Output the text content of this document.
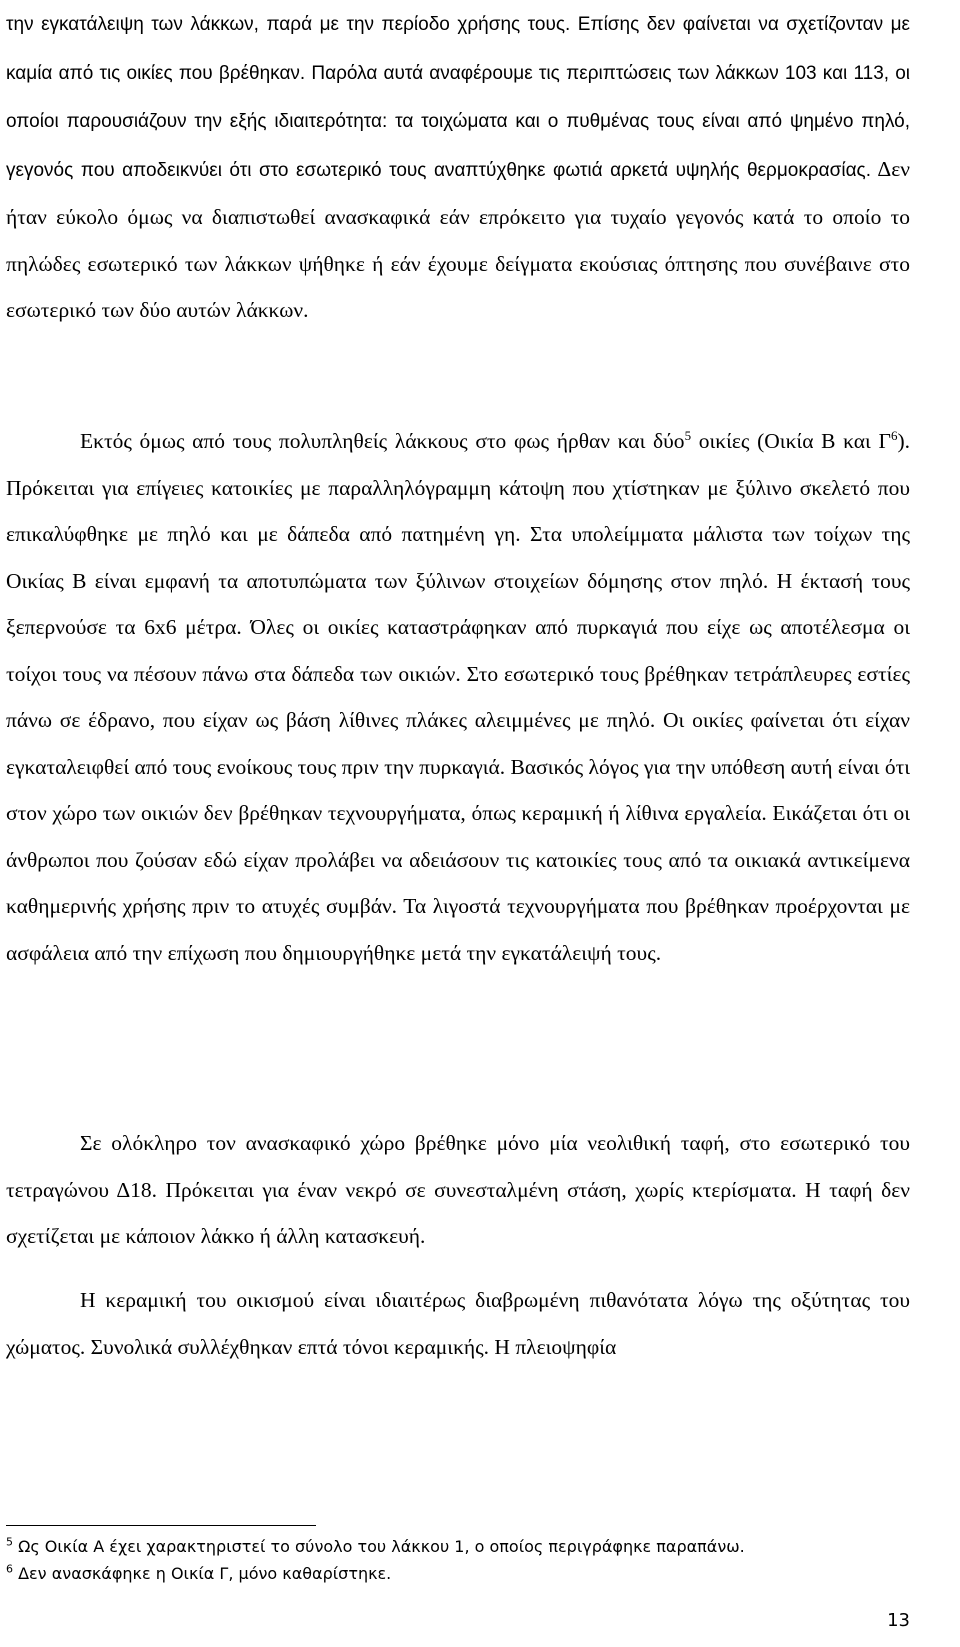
την εγκατάλειψη των λάκκων, παρά με την περίοδο χρήσης τους. Επίσης δεν φαίνεται να σχετίζονταν με καμία από τις οικίες που βρέθηκαν. Παρόλα αυτά αναφέρουμε τις περιπτώσεις των λάκκων 103 και 113, οι οποίοι παρουσιάζουν την εξής ιδιαιτερότητα: τα τοιχώματα και ο πυθμένας τους είναι από ψημένο πηλό, γεγονός που αποδεικνύει ότι στο εσωτερικό τους αναπτύχθηκε φωτιά αρκετά υψηλής θερμοκρασίας. Δεν ήταν εύκολο όμως να διαπιστωθεί ανασκαφικά εάν επρόκειτο για τυχαίο γεγονός κατά το οποίο το πηλώδες εσωτερικό των λάκκων ψήθηκε ή εάν έχουμε δείγματα εκούσιας όπτησης που συνέβαινε στο εσωτερικό των δύο αυτών λάκκων.

Εκτός όμως από τους πολυπληθείς λάκκους στο φως ήρθαν και δύο$^5$ οικίες (Οικία Β και $\Gamma^6$). Πρόκειται για επίγειες κατοικίες με παραλληλόγραμμη κάτοψη που χτίστηκαν με ξύλινο σκελετό που επικαλύφθηκε με πηλό και με δάπεδα από πατημένη γη. Στα υπολείμματα μάλιστα των τοίχων της Οικίας Β είναι εμφανή τα αποτυπώματα των ξύλινων στοιχείων δόμησης στον πηλό. Η έκτασή τους ξεπερνούσε τα 6x6 μέτρα. Όλες οι οικίες καταστράφηκαν από πυρκαγιά που είχε ως αποτέλεσμα οι τοίχοι τους να πέσουν πάνω στα δάπεδα των οικιών. Στο εσωτερικό τους βρέθηκαν τετράπλευρες εστίες πάνω σε έδρανο, που είχαν ως βάση λίθινες πλάκες αλειμμένες με πηλό. Οι οικίες φαίνεται ότι είχαν εγκαταλειφθεί από τους ενοίκους τους πριν την πυρκαγιά. Βασικός λόγος για την υπόθεση αυτή είναι ότι στον χώρο των οικιών δεν βρέθηκαν τεχνουργήματα, όπως κεραμική ή λίθινα εργαλεία. Εικάζεται ότι οι άνθρωποι που ζούσαν εδώ είχαν προλάβει να αδειάσουν τις κατοικίες τους από τα οικιακά αντικείμενα καθημερινής χρήσης πριν το ατυχές συμβάν. Τα λιγοστά τεχνουργήματα που βρέθηκαν προέρχονται με ασφάλεια από την επίχωση που δημιουργήθηκε μετά την εγκατάλειψή τους.

Σε ολόκληρο τον ανασκαφικό χώρο βρέθηκε μόνο μία νεολιθική ταφή, στο εσωτερικό του τετραγώνου Δ18. Πρόκειται για έναν νεκρό σε συνεσταλμένη στάση, χωρίς κτερίσματα. Η ταφή δεν σχετίζεται με κάποιον λάκκο ή άλλη κατασκευή.

Η κεραμική του οικισμού είναι ιδιαιτέρως διαβρωμένη πιθανότατα λόγω της οξύτητας του χώματος. Συνολικά συλλέχθηκαν επτά τόνοι κεραμικής. Η πλειοψηφία

$^5$ Ως Οικία Α έχει χαρακτηριστεί το σύνολο του λάκκου 1, ο οποίος περιγράφηκε παραπάνω.

$^6$ Δεν ανασκάφηκε η Οικία Γ, μόνο καθαρίστηκε.

13
